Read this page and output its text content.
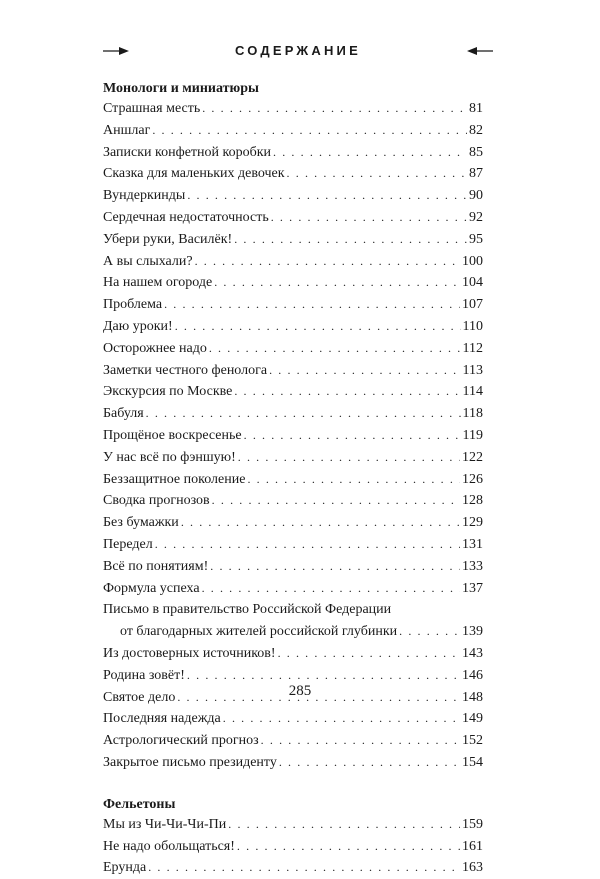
СОДЕРЖАНИЕ
Монологи и миниатюры
Страшная месть . . .	81
Аншлаг . . .	82
Записки конфетной коробки . . .	85
Сказка для маленьких девочек . . .	87
Вундеркинды . . .	90
Сердечная недостаточность . . .	92
Убери руки, Василёк! . . .	95
А вы слыхали? . . .	100
На нашем огороде . . .	104
Проблема . . .	107
Даю уроки! . . .	110
Осторожнее надо . . .	112
Заметки честного фенолога . . .	113
Экскурсия по Москве . . .	114
Бабуля . . .	118
Прощёное воскресенье . . .	119
У нас всё по фэншую! . . .	122
Беззащитное поколение . . .	126
Сводка прогнозов . . .	128
Без бумажки . . .	129
Передел . . .	131
Всё по понятиям! . . .	133
Формула успеха . . .	137
Письмо в правительство Российской Федерации
от благодарных жителей российской глубинки . . .	139
Из достоверных источников! . . .	143
Родина зовёт! . . .	146
Святое дело . . .	148
Последняя надежда . . .	149
Астрологический прогноз . . .	152
Закрытое письмо президенту . . .	154
Фельетоны
Мы из Чи-Чи-Чи-Пи . . .	159
Не надо обольщаться! . . .	161
Ерунда . . .	163
285
